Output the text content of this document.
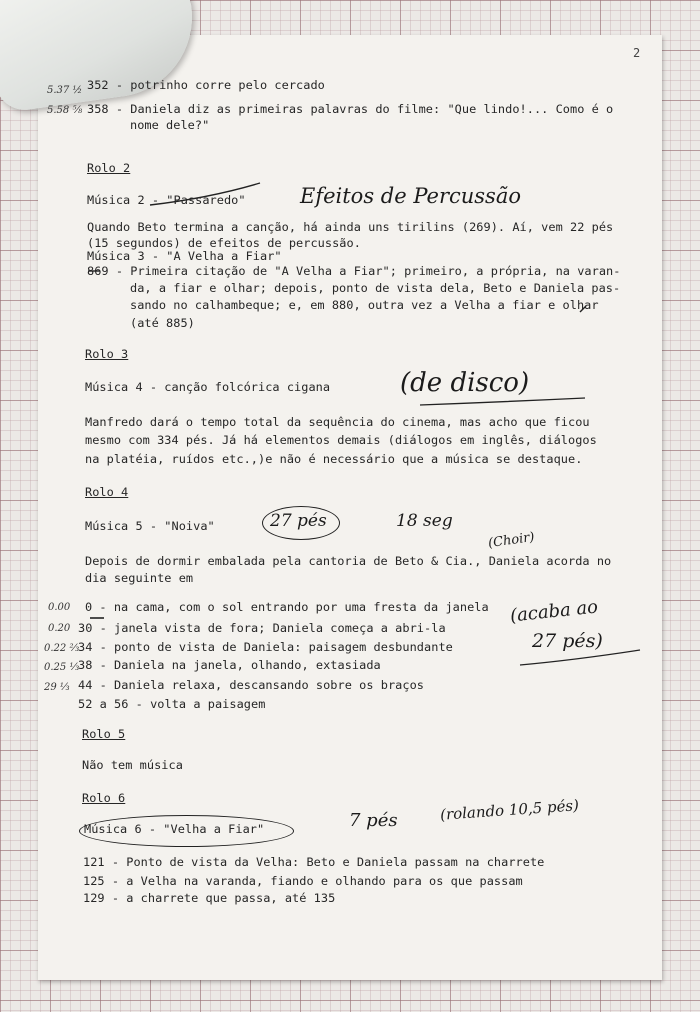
2
352 - potrinho corre pelo cercado
358 - Daniela diz as primeiras palavras do filme: "Que lindo!... Como é o
nome dele?"
Rolo 2
Música 2 - "Passaredo"
Quando Beto termina a canção, há ainda uns tirilins (269). Aí, vem 22 pés
(15 segundos) de efeitos de percussão.
Música 3 - "A Velha a Fiar"
869 - Primeira citação de "A Velha a Fiar"; primeiro, a própria, na varan-
da, a fiar e olhar; depois, ponto de vista dela, Beto e Daniela pas-
sando no calhambeque; e, em 880, outra vez a Velha a fiar e olhar
(até 885)
Rolo 3
Música 4 - canção folcórica cigana
Manfredo dará o tempo total da sequência do cinema, mas acho que ficou
mesmo com 334 pés. Já há elementos demais (diálogos em inglês, diálogos
na platéia, ruídos etc.,)e não é necessário que a música se destaque.
Rolo 4
Música 5 - "Noiva"
Depois de dormir embalada pela cantoria de Beto & Cia., Daniela acorda no
dia seguinte em
0 - na cama, com o sol entrando por uma fresta da janela
30 - janela vista de fora; Daniela começa a abri-la
34 - ponto de vista de Daniela: paisagem desbundante
38 - Daniela na janela, olhando, extasiada
44 - Daniela relaxa, descansando sobre os braços
52 a 56 - volta a paisagem
Rolo 5
Não tem música
Rolo 6
Música 6 - "Velha a Fiar"
121 - Ponto de vista da Velha: Beto e Daniela passam na charrete
125 - a Velha na varanda, fiando e olhando para os que passam
129 - a charrete que passa, até 135
Efeitos de Percussão
(de disco)
27 pés	18 seg
(Choir)
(acaba ao
27 pés)
7 pés	(rolando 10,5 pés)
5.37 ½
5.58 ⅝
0.00
0.20
0.22 ⅔
0.25 ⅓
29 ⅓
